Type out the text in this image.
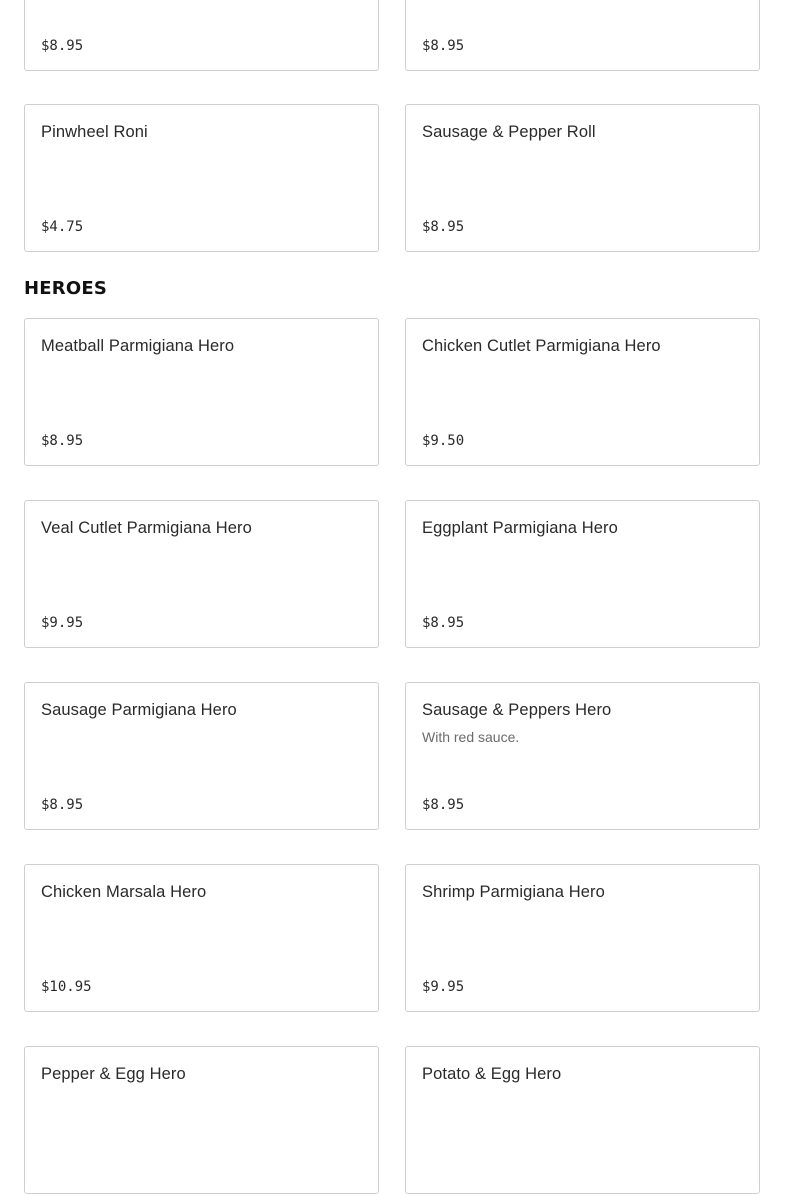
$8.95	$8.95
Pinwheel Roni
$4.75
Sausage & Pepper Roll
$8.95
HEROES
Meatball Parmigiana Hero
$8.95
Chicken Cutlet Parmigiana Hero
$9.50
Veal Cutlet Parmigiana Hero
$9.95
Eggplant Parmigiana Hero
$8.95
Sausage Parmigiana Hero
$8.95
Sausage & Peppers Hero
With red sauce.
$8.95
Chicken Marsala Hero
$10.95
Shrimp Parmigiana Hero
$9.95
Pepper & Egg Hero	Potato & Egg Hero
